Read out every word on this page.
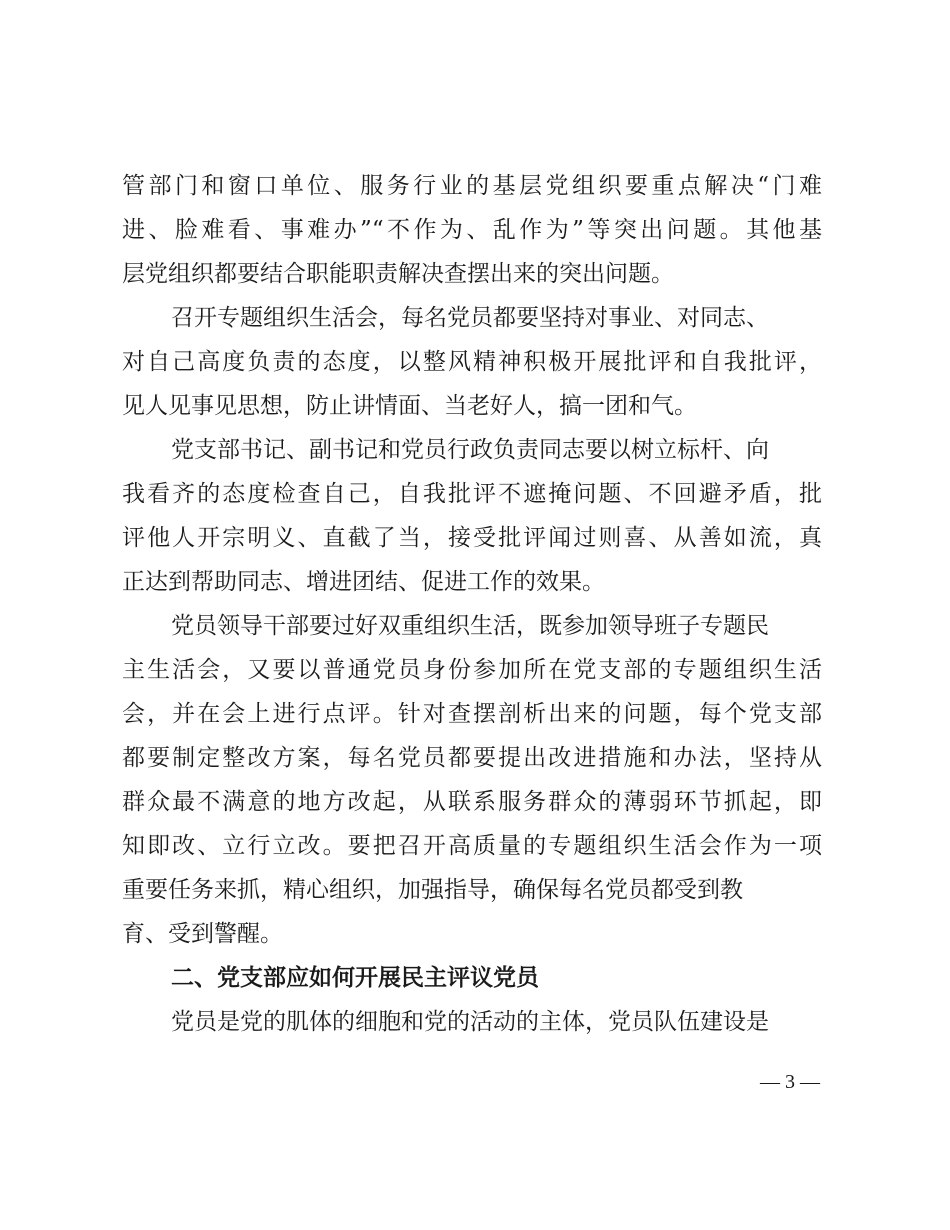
管部门和窗口单位、服务行业的基层党组织要重点解决“门难
进、脸难看、事难办”“不作为、乱作为”等突出问题。其他基
层党组织都要结合职能职责解决查摆出来的突出问题。
召开专题组织生活会，每名党员都要坚持对事业、对同志、
对自己高度负责的态度，以整风精神积极开展批评和自我批评，
见人见事见思想，防止讲情面、当老好人，搞一团和气。
党支部书记、副书记和党员行政负责同志要以树立标杆、向
我看齐的态度检查自己，自我批评不遮掩问题、不回避矛盾，批
评他人开宗明义、直截了当，接受批评闻过则喜、从善如流，真
正达到帮助同志、增进团结、促进工作的效果。
党员领导干部要过好双重组织生活，既参加领导班子专题民
主生活会，又要以普通党员身份参加所在党支部的专题组织生活
会，并在会上进行点评。针对查摆剖析出来的问题，每个党支部
都要制定整改方案，每名党员都要提出改进措施和办法，坚持从
群众最不满意的地方改起，从联系服务群众的薄弱环节抓起，即
知即改、立行立改。要把召开高质量的专题组织生活会作为一项
重要任务来抓，精心组织，加强指导，确保每名党员都受到教
育、受到警醒。
二、党支部应如何开展民主评议党员
党员是党的肌体的细胞和党的活动的主体，党员队伍建设是
— 3 —
